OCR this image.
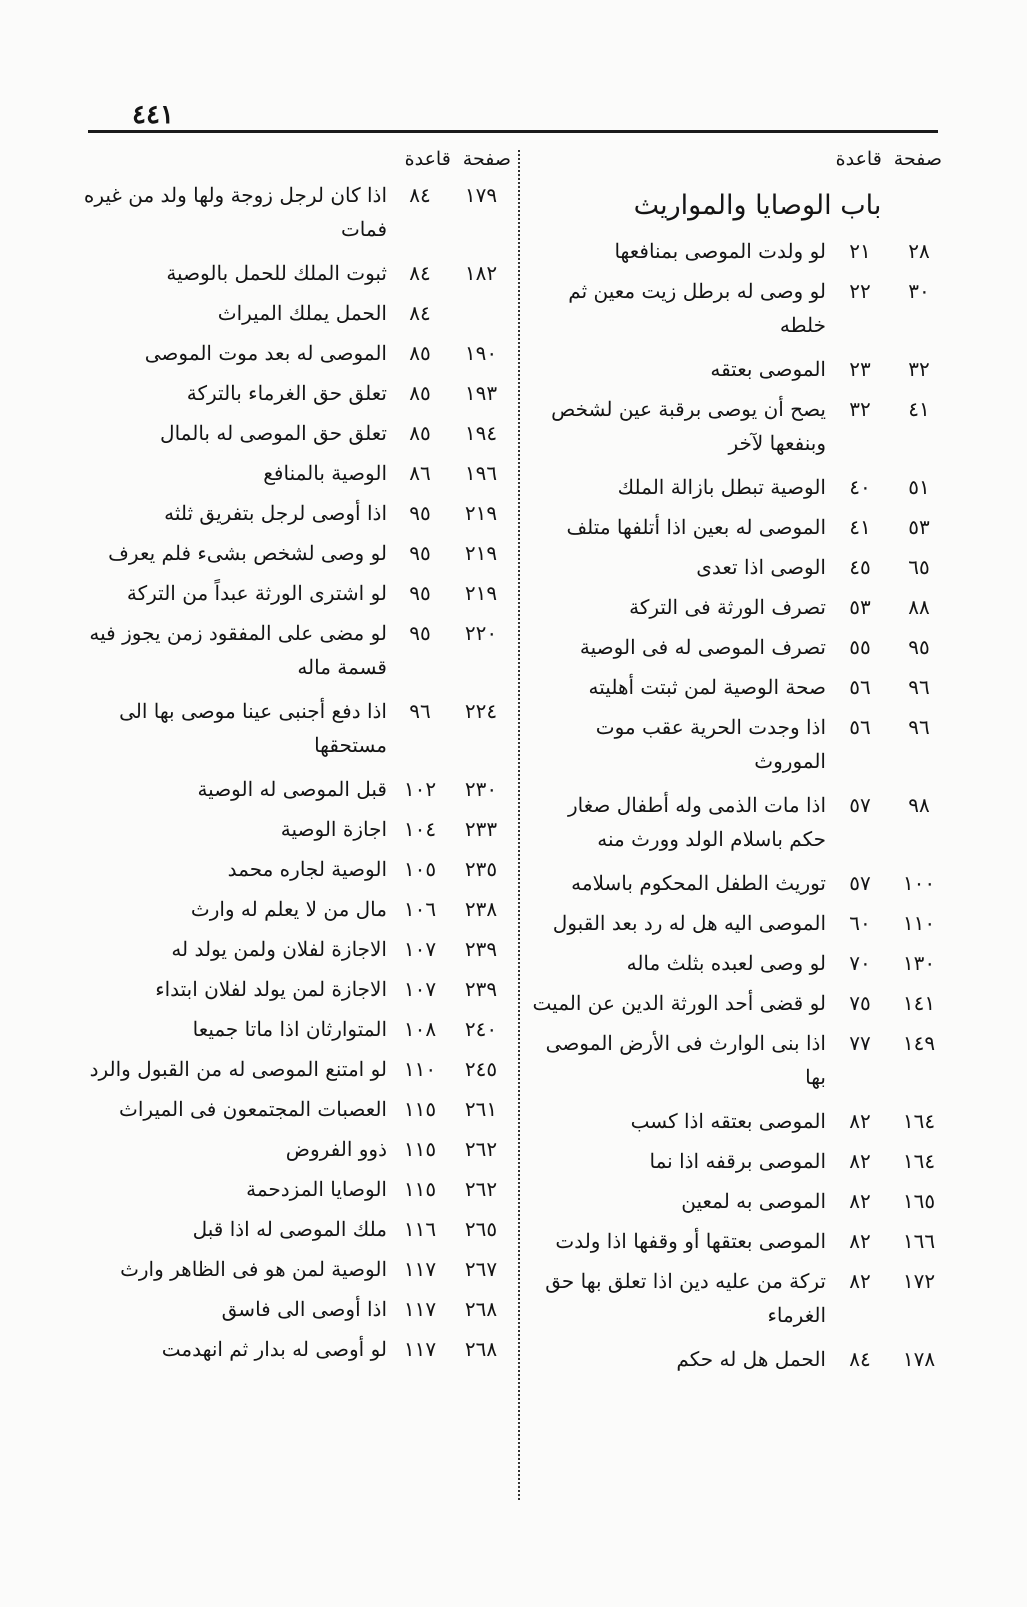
٤٤١
صفحة
قاعدة
باب الوصايا والمواريث
٢٨
٢١
لو ولدت الموصى بمنافعها
٣٠
٢٢
لو وصى له برطل زيت معين ثم خلطه
٣٢
٢٣
الموصى بعتقه
٤١
٣٢
يصح أن يوصى برقبة عين لشخص وبنفعها لآخر
٥١
٤٠
الوصية تبطل بازالة الملك
٥٣
٤١
الموصى له بعين اذا أتلفها متلف
٦٥
٤٥
الوصى اذا تعدى
٨٨
٥٣
تصرف الورثة فى التركة
٩٥
٥٥
تصرف الموصى له فى الوصية
٩٦
٥٦
صحة الوصية لمن ثبتت أهليته
٩٦
٥٦
اذا وجدت الحرية عقب موت الموروث
٩٨
٥٧
اذا مات الذمى وله أطفال صغار حكم باسلام الولد وورث منه
١٠٠
٥٧
توريث الطفل المحكوم باسلامه
١١٠
٦٠
الموصى اليه هل له رد بعد القبول
١٣٠
٧٠
لو وصى لعبده بثلث ماله
١٤١
٧٥
لو قضى أحد الورثة الدين عن الميت
١٤٩
٧٧
اذا بنى الوارث فى الأرض الموصى بها
١٦٤
٨٢
الموصى بعتقه اذا كسب
١٦٤
٨٢
الموصى برقفه اذا نما
١٦٥
٨٢
الموصى به لمعين
١٦٦
٨٢
الموصى بعتقها أو وقفها اذا ولدت
١٧٢
٨٢
تركة من عليه دين اذا تعلق بها حق الغرماء
١٧٨
٨٤
الحمل هل له حكم
صفحة
قاعدة
١٧٩
٨٤
اذا كان لرجل زوجة ولها ولد من غيره فمات
١٨٢
٨٤
ثبوت الملك للحمل بالوصية
٨٤
الحمل يملك الميراث
١٩٠
٨٥
الموصى له بعد موت الموصى
١٩٣
٨٥
تعلق حق الغرماء بالتركة
١٩٤
٨٥
تعلق حق الموصى له بالمال
١٩٦
٨٦
الوصية بالمنافع
٢١٩
٩٥
اذا أوصى لرجل بتفريق ثلثه
٢١٩
٩٥
لو وصى لشخص بشىء فلم يعرف
٢١٩
٩٥
لو اشترى الورثة عبداً من التركة
٢٢٠
٩٥
لو مضى على المفقود زمن يجوز فيه قسمة ماله
٢٢٤
٩٦
اذا دفع أجنبى عينا موصى بها الى مستحقها
٢٣٠
١٠٢
قبل الموصى له الوصية
٢٣٣
١٠٤
اجازة الوصية
٢٣٥
١٠٥
الوصية لجاره محمد
٢٣٨
١٠٦
مال من لا يعلم له وارث
٢٣٩
١٠٧
الاجازة لفلان ولمن يولد له
٢٣٩
١٠٧
الاجازة لمن يولد لفلان ابتداء
٢٤٠
١٠٨
المتوارثان اذا ماتا جميعا
٢٤٥
١١٠
لو امتنع الموصى له من القبول والرد
٢٦١
١١٥
العصبات المجتمعون فى الميراث
٢٦٢
١١٥
ذوو الفروض
٢٦٢
١١٥
الوصايا المزدحمة
٢٦٥
١١٦
ملك الموصى له اذا قبل
٢٦٧
١١٧
الوصية لمن هو فى الظاهر وارث
٢٦٨
١١٧
اذا أوصى الى فاسق
٢٦٨
١١٧
لو أوصى له بدار ثم انهدمت
